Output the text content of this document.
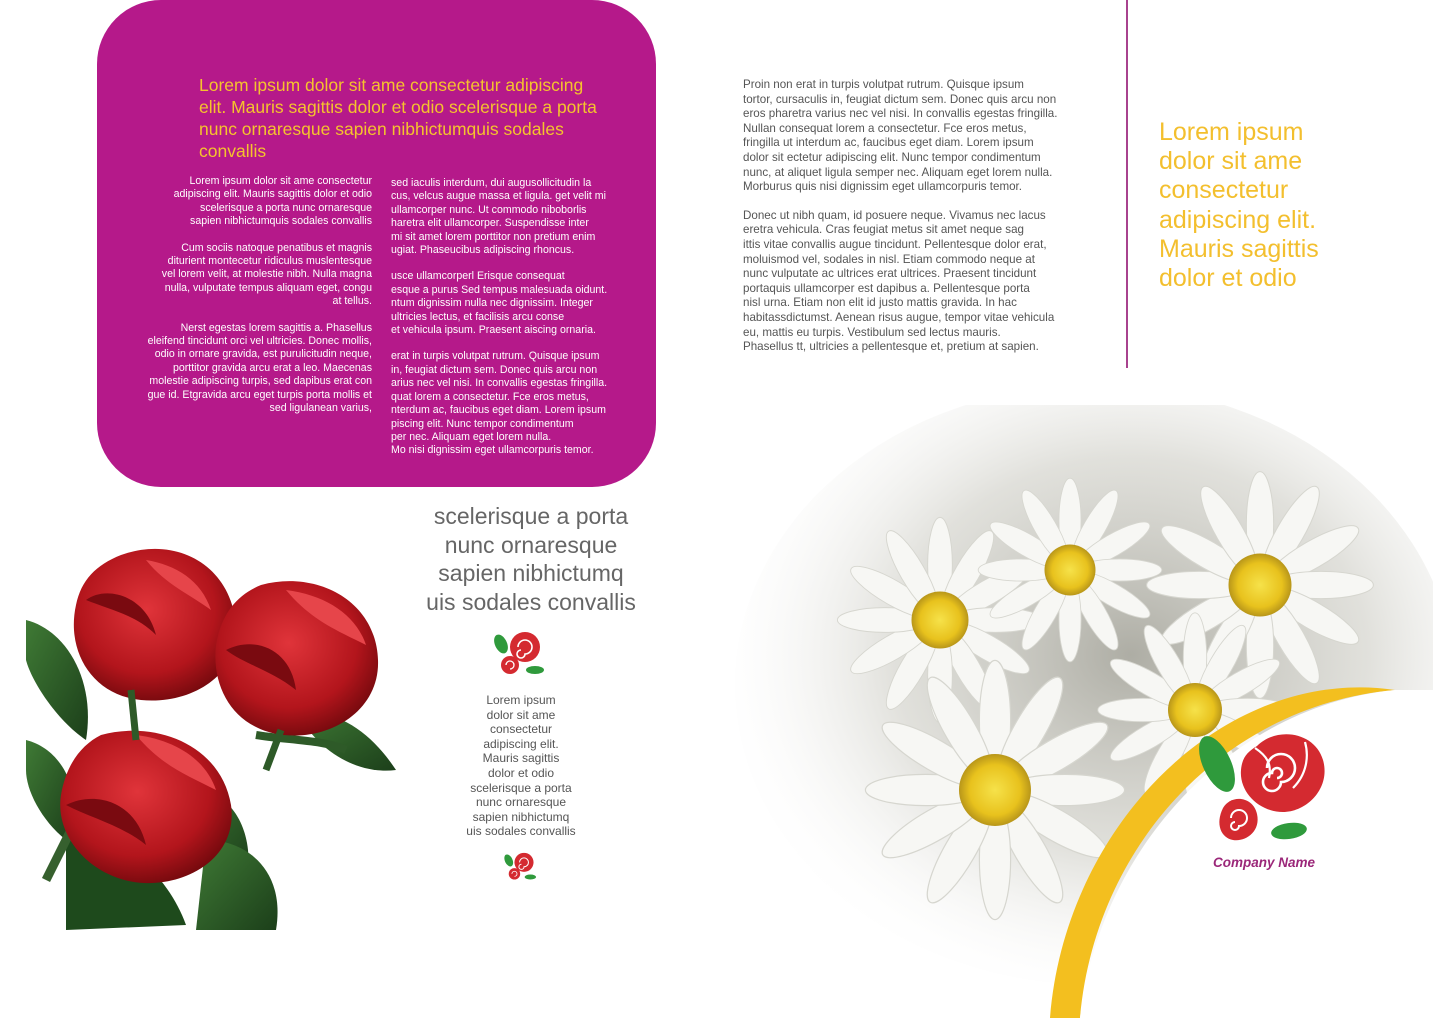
Lorem ipsum dolor sit ame consectetur adipiscing elit. Mauris sagittis dolor et odio scelerisque a porta nunc ornaresque sapien nibhictumquis sodales convallis

Lorem ipsum dolor sit ame consectetur
adipiscing elit. Mauris sagittis dolor et odio
scelerisque a porta nunc ornaresque
sapien nibhictumquis sodales convallis

Cum sociis natoque penatibus et magnis
diturient montecetur ridiculus muslentesque
vel lorem velit, at molestie nibh. Nulla magna
nulla, vulputate tempus aliquam eget, congu
at tellus.

Nerst egestas lorem sagittis a. Phasellus
eleifend tincidunt orci vel ultricies. Donec mollis,
odio in ornare gravida, est purulicitudin neque,
porttitor gravida arcu erat a leo. Maecenas
molestie adipiscing turpis, sed dapibus erat con
gue id. Etgravida arcu eget turpis porta mollis et
sed ligulanean varius,

sed iaculis interdum, dui augusollicitudin la
cus, velcus augue massa et ligula. get velit mi
ullamcorper nunc. Ut commodo niboborlis
haretra elit ullamcorper. Suspendisse inter
mi sit amet lorem porttitor non pretium enim
ugiat. Phaseucibus adipiscing rhoncus.

usce ullamcorperl Erisque consequat
esque a purus Sed tempus malesuada oidunt.
ntum dignissim nulla nec dignissim. Integer
ultricies lectus, et facilisis arcu conse
et vehicula ipsum. Praesent aiscing ornaria.

erat in turpis volutpat rutrum. Quisque ipsum
in, feugiat dictum sem. Donec quis arcu non
arius nec vel nisi. In convallis egestas fringilla.
quat lorem a consectetur. Fce eros metus,
nterdum ac, faucibus eget diam. Lorem ipsum
piscing elit. Nunc tempor condimentum
per nec. Aliquam eget lorem nulla.
Mo nisi dignissim eget ullamcorpuris temor.

scelerisque a porta
nunc ornaresque
sapien nibhictumq
uis sodales convallis

Lorem ipsum
dolor sit ame
consectetur
adipiscing elit.
Mauris sagittis
dolor et odio
scelerisque a porta
nunc ornaresque
sapien nibhictumq
uis sodales convallis

Proin non erat in turpis volutpat rutrum. Quisque ipsum
tortor, cursaculis in, feugiat dictum sem. Donec quis arcu non
eros pharetra varius nec vel nisi. In convallis egestas fringilla.
Nullan consequat lorem a consectetur. Fce eros metus,
fringilla ut interdum ac, faucibus eget diam. Lorem ipsum
dolor sit ectetur adipiscing elit. Nunc tempor condimentum
nunc, at aliquet ligula semper nec. Aliquam eget lorem nulla.
Morburus quis nisi dignissim eget ullamcorpuris temor.

Donec ut nibh quam, id posuere neque. Vivamus nec lacus
eretra vehicula. Cras feugiat metus sit amet neque sag
ittis vitae convallis augue tincidunt. Pellentesque dolor erat,
moluismod vel, sodales in nisl. Etiam commodo neque at
nunc vulputate ac ultrices erat ultrices. Praesent tincidunt
portaquis ullamcorper est dapibus a. Pellentesque porta
nisl urna. Etiam non elit id justo mattis gravida. In hac
habitassdictumst. Aenean risus augue, tempor vitae vehicula
eu, mattis eu turpis. Vestibulum sed lectus mauris.
Phasellus tt, ultricies a pellentesque et, pretium at sapien.

Lorem ipsum
dolor sit ame
consectetur
adipiscing elit.
Mauris sagittis
dolor et odio

Company Name
